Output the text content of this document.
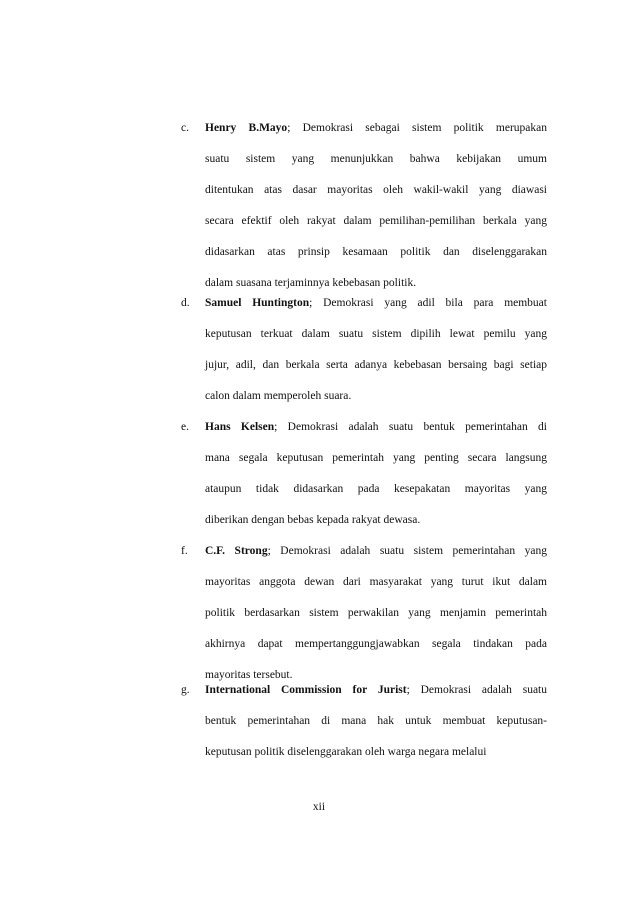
c. Henry B.Mayo; Demokrasi sebagai sistem politik merupakan
suatu sistem yang menunjukkan bahwa kebijakan umum
ditentukan atas dasar mayoritas oleh wakil-wakil yang diawasi
secara efektif oleh rakyat dalam pemilihan-pemilihan berkala yang
didasarkan atas prinsip kesamaan politik dan diselenggarakan
dalam suasana terjaminnya kebebasan politik.
d. Samuel Huntington; Demokrasi yang adil bila para membuat
keputusan terkuat dalam suatu sistem dipilih lewat pemilu yang
jujur, adil, dan berkala serta adanya kebebasan bersaing bagi setiap
calon dalam memperoleh suara.
e. Hans Kelsen; Demokrasi adalah suatu bentuk pemerintahan di
mana segala keputusan pemerintah yang penting secara langsung
ataupun tidak didasarkan pada kesepakatan mayoritas yang
diberikan dengan bebas kepada rakyat dewasa.
f. C.F. Strong; Demokrasi adalah suatu sistem pemerintahan yang
mayoritas anggota dewan dari masyarakat yang turut ikut dalam
politik berdasarkan sistem perwakilan yang menjamin pemerintah
akhirnya dapat mempertanggungjawabkan segala tindakan pada
mayoritas tersebut.
g. International Commission for Jurist; Demokrasi adalah suatu
bentuk pemerintahan di mana hak untuk membuat keputusan-
keputusan politik diselenggarakan oleh warga negara melalui
xii
